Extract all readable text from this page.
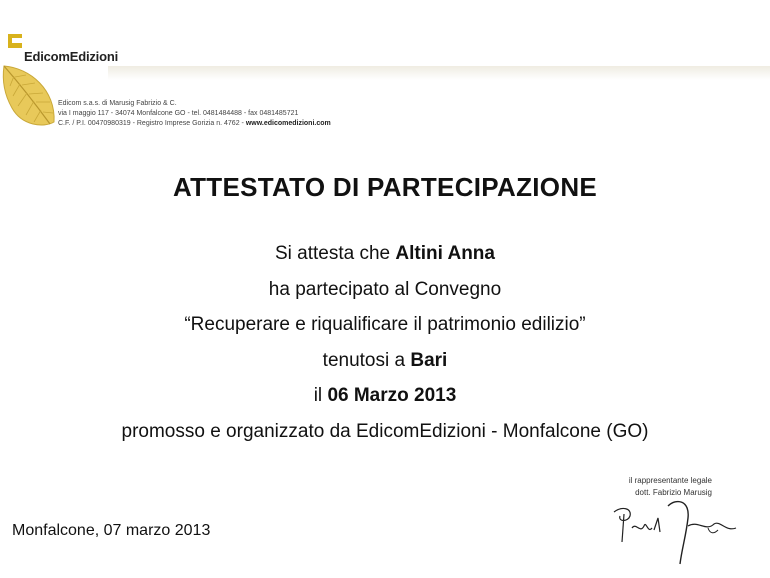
EdicomEdizioni
Edicom s.a.s. di Marusig Fabrizio & C.
via I maggio 117 - 34074 Monfalcone GO - tel. 0481484488 - fax 0481485721
C.F. / P.I. 00470980319 - Registro Imprese Gorizia n. 4762 - www.edicomedizioni.com
ATTESTATO DI PARTECIPAZIONE
Si attesta che Altini Anna
ha partecipato al Convegno
“Recuperare e riqualificare il patrimonio edilizio”
tenutosi a Bari
il 06 Marzo 2013
promosso e organizzato da EdicomEdizioni - Monfalcone (GO)
il rappresentante legale
dott. Fabrizio Marusig
Monfalcone, 07 marzo 2013
